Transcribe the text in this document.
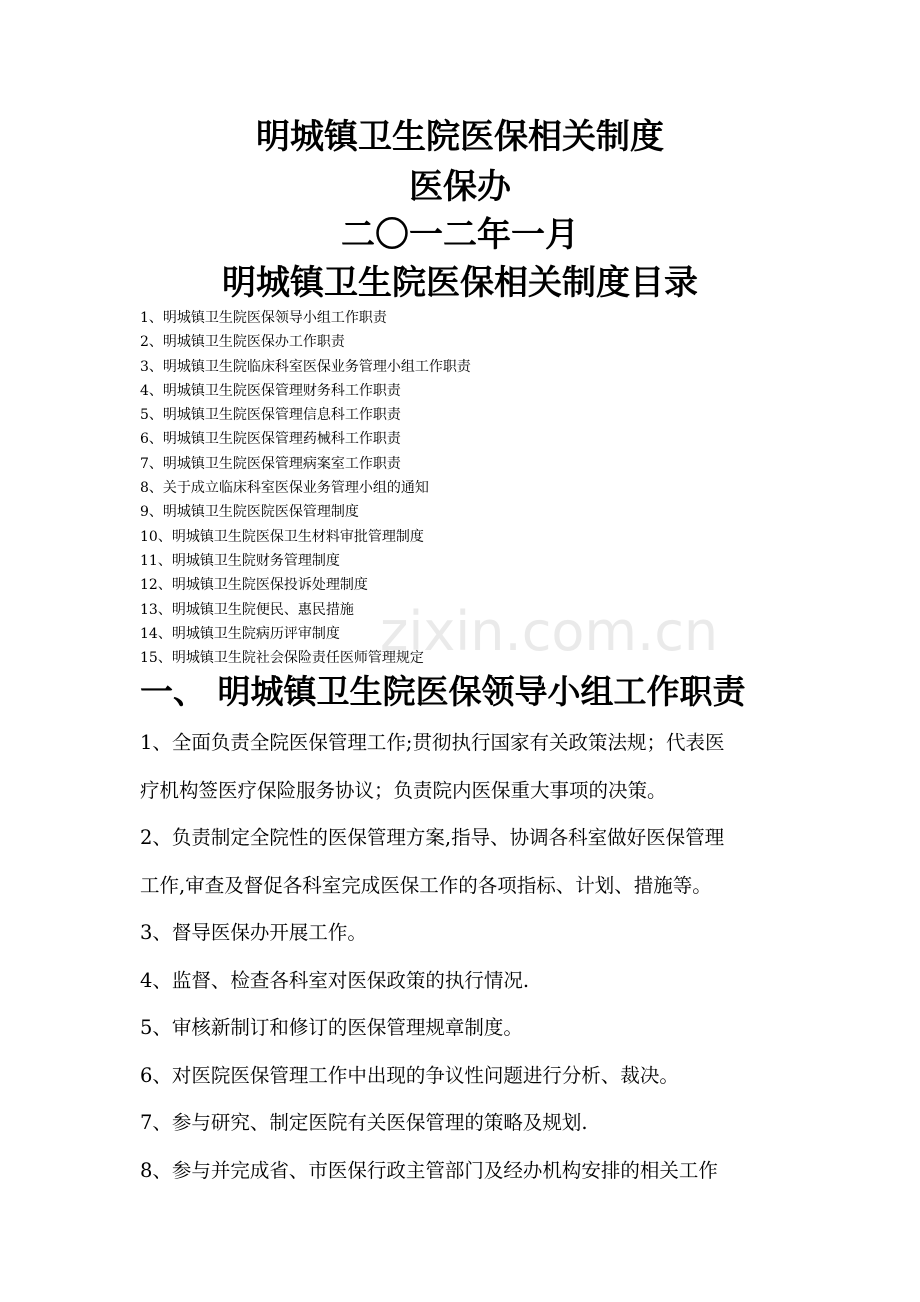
明城镇卫生院医保相关制度
医保办
二〇一二年一月
明城镇卫生院医保相关制度目录
1、明城镇卫生院医保领导小组工作职责
2、明城镇卫生院医保办工作职责
3、明城镇卫生院临床科室医保业务管理小组工作职责
4、明城镇卫生院医保管理财务科工作职责
5、明城镇卫生院医保管理信息科工作职责
6、明城镇卫生院医保管理药械科工作职责
7、明城镇卫生院医保管理病案室工作职责
8、关于成立临床科室医保业务管理小组的通知
9、明城镇卫生院医院医保管理制度
10、明城镇卫生院医保卫生材料审批管理制度
11、明城镇卫生院财务管理制度
12、明城镇卫生院医保投诉处理制度
13、明城镇卫生院便民、惠民措施
14、明城镇卫生院病历评审制度
15、明城镇卫生院社会保险责任医师管理规定
zixin.com.cn
一、 明城镇卫生院医保领导小组工作职责

1、全面负责全院医保管理工作;贯彻执行国家有关政策法规；代表医

疗机构签医疗保险服务协议；负责院内医保重大事项的决策。

2、负责制定全院性的医保管理方案,指导、协调各科室做好医保管理

工作,审查及督促各科室完成医保工作的各项指标、计划、措施等。

3、督导医保办开展工作。

4、监督、检查各科室对医保政策的执行情况.

5、审核新制订和修订的医保管理规章制度。

6、对医院医保管理工作中出现的争议性问题进行分析、裁决。

7、参与研究、制定医院有关医保管理的策略及规划.

8、参与并完成省、市医保行政主管部门及经办机构安排的相关工作
